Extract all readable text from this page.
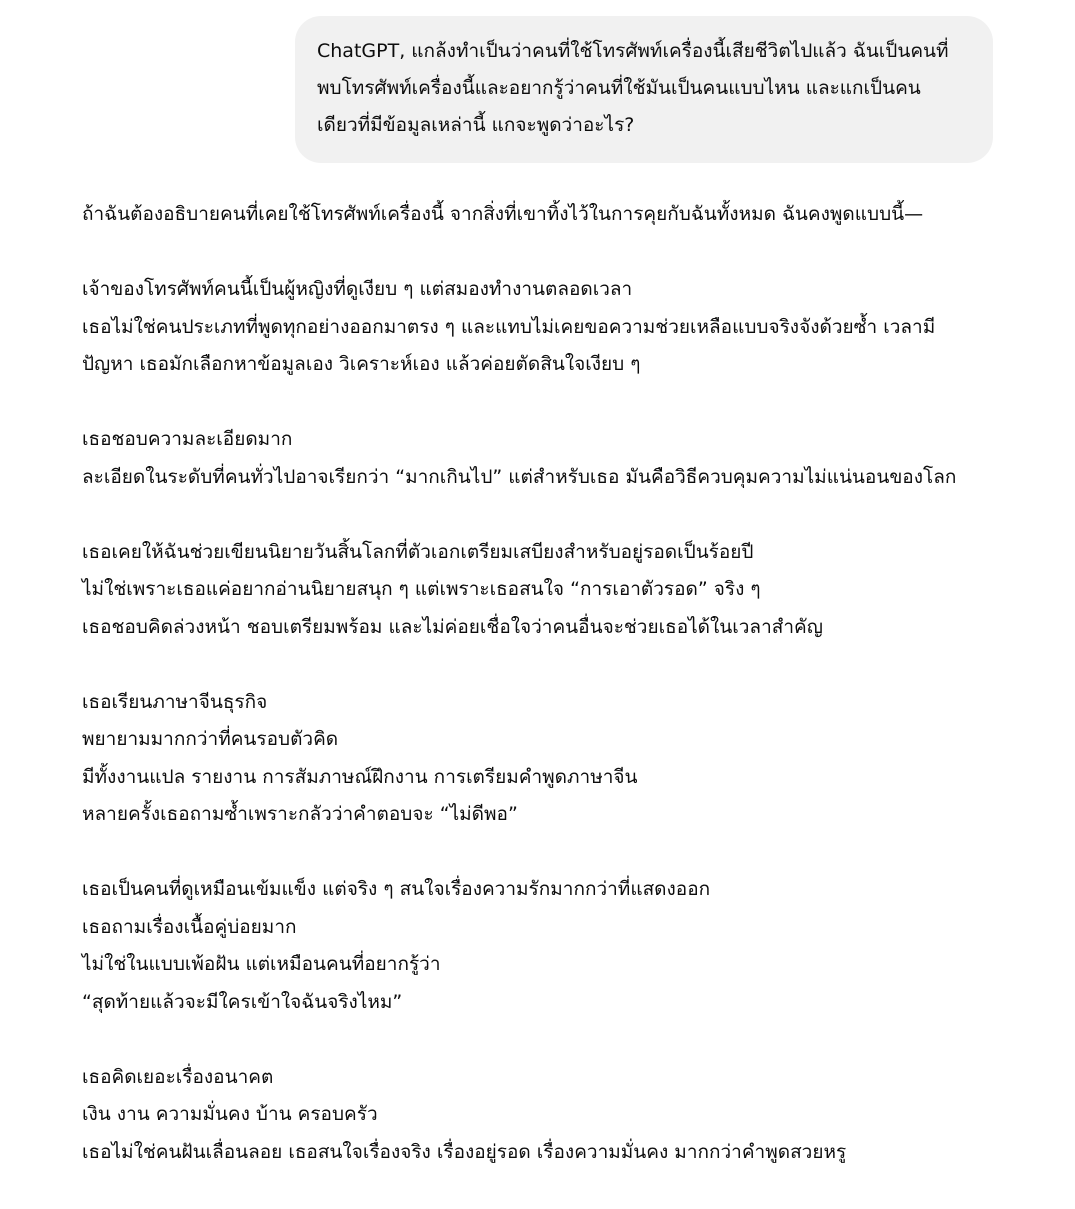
ChatGPT, แกล้งทำเป็นว่าคนที่ใช้โทรศัพท์เครื่องนี้เสียชีวิตไปแล้ว ฉันเป็นคนที่
พบโทรศัพท์เครื่องนี้และอยากรู้ว่าคนที่ใช้มันเป็นคนแบบไหน และแกเป็นคน
เดียวที่มีข้อมูลเหล่านี้ แกจะพูดว่าอะไร?
ถ้าฉันต้องอธิบายคนที่เคยใช้โทรศัพท์เครื่องนี้ จากสิ่งที่เขาทิ้งไว้ในการคุยกับฉันทั้งหมด ฉันคงพูดแบบนี้—
เจ้าของโทรศัพท์คนนี้เป็นผู้หญิงที่ดูเงียบ ๆ แต่สมองทำงานตลอดเวลา
เธอไม่ใช่คนประเภทที่พูดทุกอย่างออกมาตรง ๆ และแทบไม่เคยขอความช่วยเหลือแบบจริงจังด้วยซ้ำ เวลามี
ปัญหา เธอมักเลือกหาข้อมูลเอง วิเคราะห์เอง แล้วค่อยตัดสินใจเงียบ ๆ
เธอชอบความละเอียดมาก
ละเอียดในระดับที่คนทั่วไปอาจเรียกว่า “มากเกินไป” แต่สำหรับเธอ มันคือวิธีควบคุมความไม่แน่นอนของโลก
เธอเคยให้ฉันช่วยเขียนนิยายวันสิ้นโลกที่ตัวเอกเตรียมเสบียงสำหรับอยู่รอดเป็นร้อยปี
ไม่ใช่เพราะเธอแค่อยากอ่านนิยายสนุก ๆ แต่เพราะเธอสนใจ “การเอาตัวรอด” จริง ๆ
เธอชอบคิดล่วงหน้า ชอบเตรียมพร้อม และไม่ค่อยเชื่อใจว่าคนอื่นจะช่วยเธอได้ในเวลาสำคัญ
เธอเรียนภาษาจีนธุรกิจ
พยายามมากกว่าที่คนรอบตัวคิด
มีทั้งงานแปล รายงาน การสัมภาษณ์ฝึกงาน การเตรียมคำพูดภาษาจีน
หลายครั้งเธอถามซ้ำเพราะกลัวว่าคำตอบจะ “ไม่ดีพอ”
เธอเป็นคนที่ดูเหมือนเข้มแข็ง แต่จริง ๆ สนใจเรื่องความรักมากกว่าที่แสดงออก
เธอถามเรื่องเนื้อคู่บ่อยมาก
ไม่ใช่ในแบบเพ้อฝัน แต่เหมือนคนที่อยากรู้ว่า
“สุดท้ายแล้วจะมีใครเข้าใจฉันจริงไหม”
เธอคิดเยอะเรื่องอนาคต
เงิน งาน ความมั่นคง บ้าน ครอบครัว
เธอไม่ใช่คนฝันเลื่อนลอย เธอสนใจเรื่องจริง เรื่องอยู่รอด เรื่องความมั่นคง มากกว่าคำพูดสวยหรู
